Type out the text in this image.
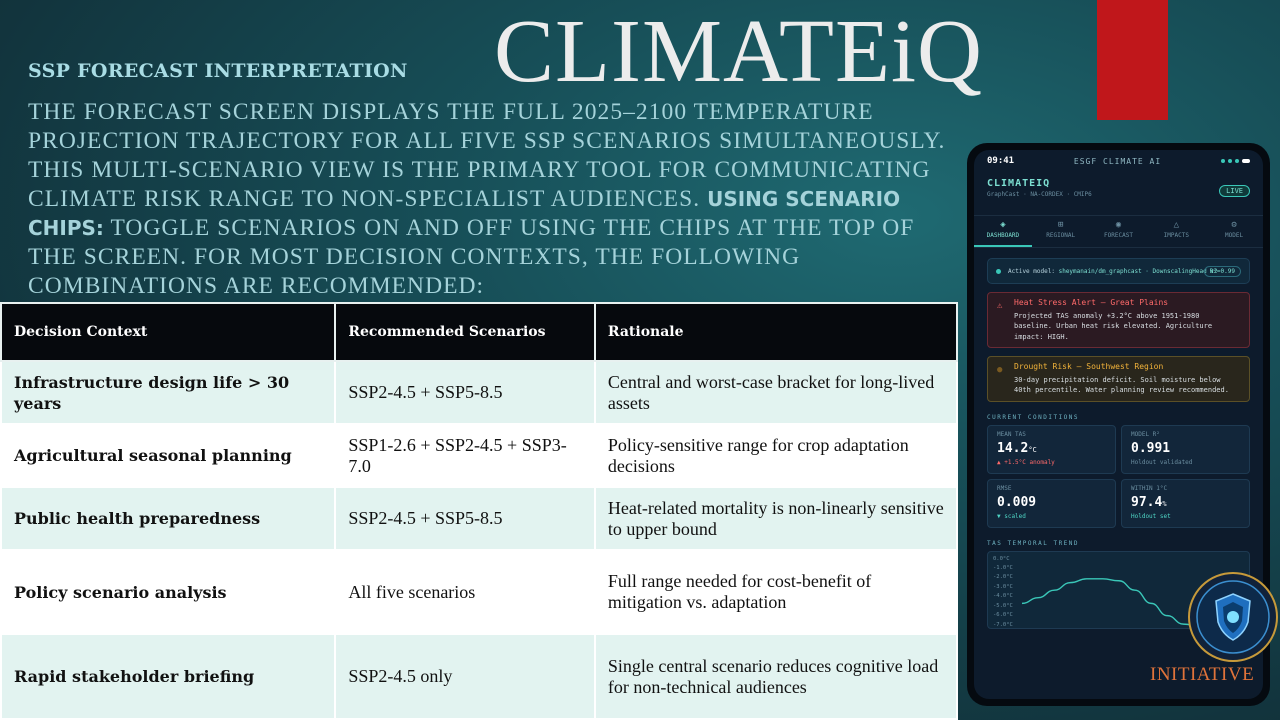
CLIMATEiQ
SSP FORECAST INTERPRETATION
THE FORECAST SCREEN DISPLAYS THE FULL 2025–2100 TEMPERATURE PROJECTION TRAJECTORY FOR ALL FIVE SSP SCENARIOS SIMULTANEOUSLY. THIS MULTI-SCENARIO VIEW IS THE PRIMARY TOOL FOR COMMUNICATING CLIMATE RISK RANGE TO NON-SPECIALIST AUDIENCES. USING SCENARIO CHIPS: TOGGLE SCENARIOS ON AND OFF USING THE CHIPS AT THE TOP OF THE SCREEN. FOR MOST DECISION CONTEXTS, THE FOLLOWING COMBINATIONS ARE RECOMMENDED:
Decision Context	Recommended Scenarios	Rationale
Infrastructure design life > 30 years	SSP2-4.5 + SSP5-8.5	Central and worst-case bracket for long-lived assets
Agricultural seasonal planning	SSP1-2.6 + SSP2-4.5 + SSP3-7.0	Policy-sensitive range for crop adaptation decisions
Public health preparedness	SSP2-4.5 + SSP5-8.5	Heat-related mortality is non-linearly sensitive to upper bound
Policy scenario analysis	All five scenarios	Full range needed for cost-benefit of mitigation vs. adaptation
Rapid stakeholder briefing	SSP2-4.5 only	Single central scenario reduces cognitive load for non-technical audiences
09:41	ESGF CLIMATE AI
CLIMATEIQ
GraphCast · NA-CORDEX · CMIP6	LIVE
◈
DASHBOARD
⊞
REGIONAL
◉
FORECAST
△
IMPACTS
⚙
MODEL
Active model: sheymanain/dm_graphcast · DownscalingHead v2
R²=0.99
⚠ Heat Stress Alert — Great Plains
Projected TAS anomaly +3.2°C above 1951-1980 baseline. Urban heat risk elevated. Agriculture impact: HIGH.
● Drought Risk — Southwest Region
30-day precipitation deficit. Soil moisture below 40th percentile. Water planning review recommended.
CURRENT CONDITIONS
MEAN TAS
14.2°C
▲ +1.5°C anomaly
MODEL R²
0.991
Holdout validated
RMSE
0.009
▼ scaled
WITHIN 1°C
97.4%
Holdout set
TAS TEMPORAL TREND
0.0°C
-1.0°C
-2.0°C
-3.0°C
-4.0°C
-5.0°C
-6.0°C
-7.0°C
INITIATIVE
